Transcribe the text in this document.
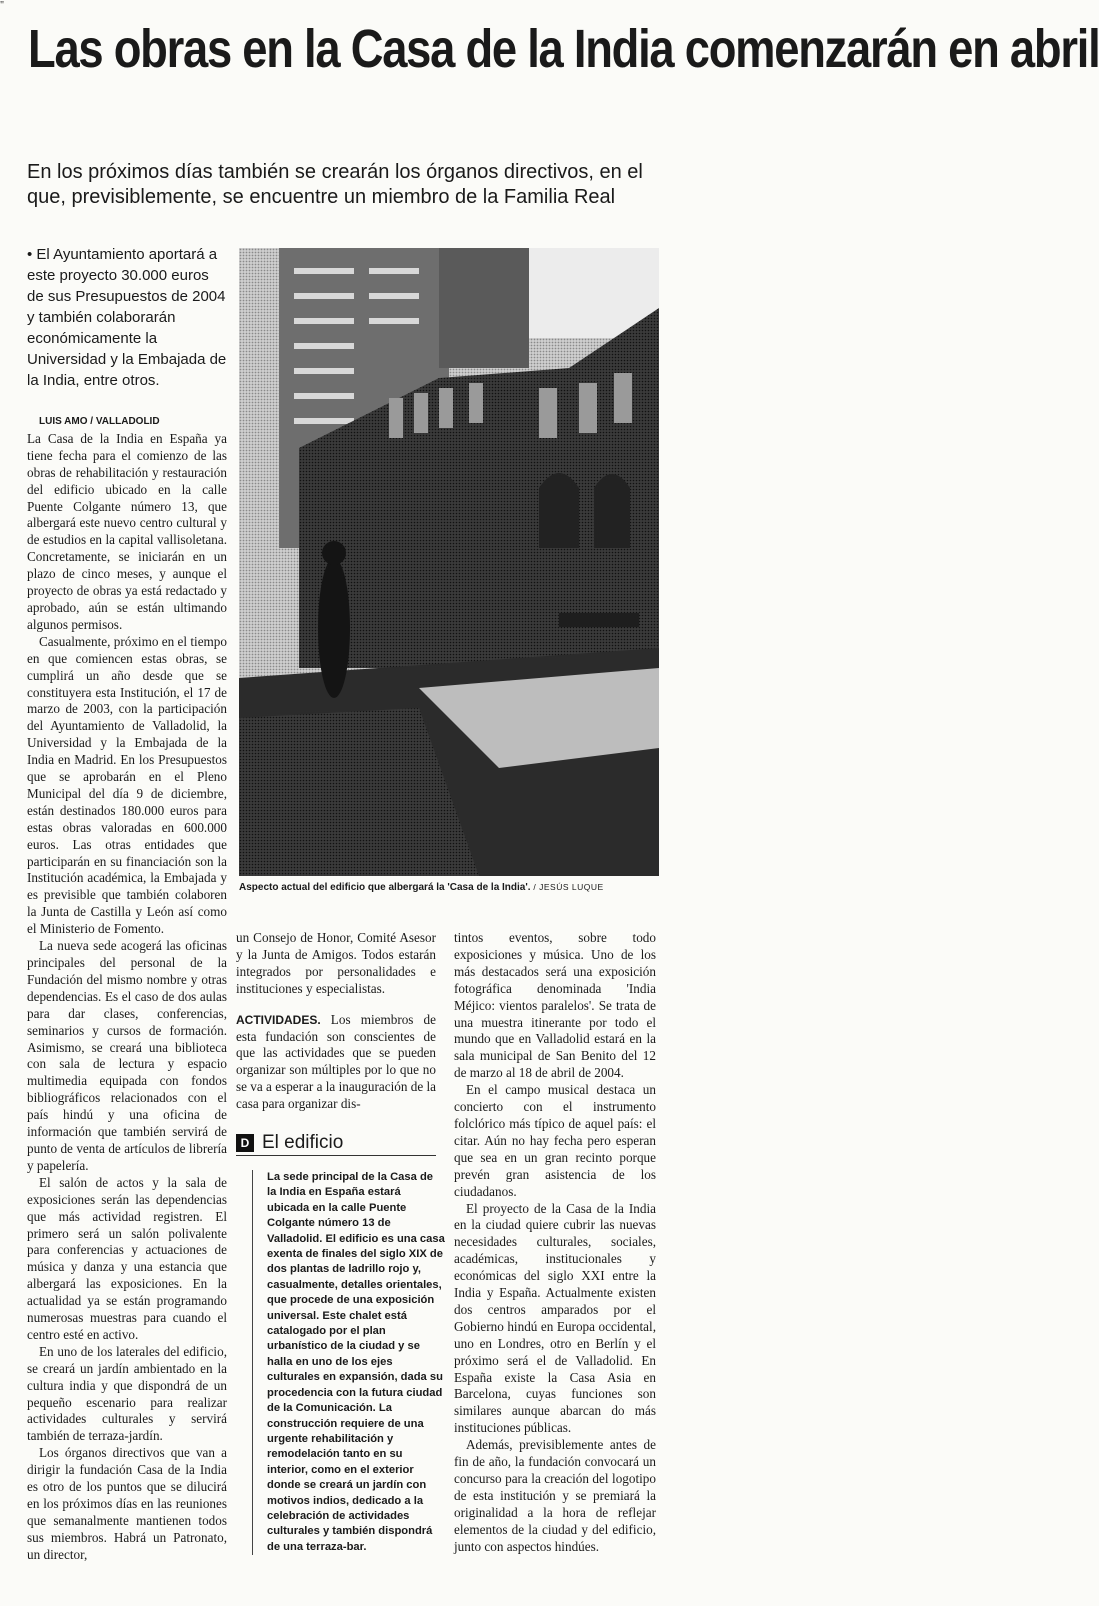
"
Las obras en la Casa de la India comenzarán en abril

En los próximos días también se crearán los órganos directivos, en el que, previsiblemente, se encuentre un miembro de la Familia Real

• El Ayuntamiento aportará a este proyecto 30.000 euros de sus Presupuestos de 2004 y también colaborarán económicamente la Universidad y la Embajada de la India, entre otros.

LUIS AMO / VALLADOLID

La Casa de la India en España ya tiene fecha para el comienzo de las obras de rehabilitación y restauración del edificio ubicado en la calle Puente Colgante número 13, que albergará este nuevo centro cultural y de estudios en la capital vallisoletana. Concretamente, se iniciarán en un plazo de cinco meses, y aunque el proyecto de obras ya está redactado y aprobado, aún se están ultimando algunos permisos.

Casualmente, próximo en el tiempo en que comiencen estas obras, se cumplirá un año desde que se constituyera esta Institución, el 17 de marzo de 2003, con la participación del Ayuntamiento de Valladolid, la Universidad y la Embajada de la India en Madrid. En los Presupuestos que se aprobarán en el Pleno Municipal del día 9 de diciembre, están destinados 180.000 euros para estas obras valoradas en 600.000 euros. Las otras entidades que participarán en su financiación son la Institución académica, la Embajada y es previsible que también colaboren la Junta de Castilla y León así como el Ministerio de Fomento.

La nueva sede acogerá las oficinas principales del personal de la Fundación del mismo nombre y otras dependencias. Es el caso de dos aulas para dar clases, conferencias, seminarios y cursos de formación. Asimismo, se creará una biblioteca con sala de lectura y espacio multimedia equipada con fondos bibliográficos relacionados con el país hindú y una oficina de información que también servirá de punto de venta de artículos de librería y papelería.

El salón de actos y la sala de exposiciones serán las dependencias que más actividad registren. El primero será un salón polivalente para conferencias y actuaciones de música y danza y una estancia que albergará las exposiciones. En la actualidad ya se están programando numerosas muestras para cuando el centro esté en activo.

En uno de los laterales del edificio, se creará un jardín ambientado en la cultura india y que dispondrá de un pequeño escenario para realizar actividades culturales y servirá también de terraza-jardín.

Los órganos directivos que van a dirigir la fundación Casa de la India es otro de los puntos que se dilucirá en los próximos días en las reuniones que semanalmente mantienen todos sus miembros. Habrá un Patronato, un director,

Aspecto actual del edificio que albergará la 'Casa de la India'. / JESÚS LUQUE

un Consejo de Honor, Comité Asesor y la Junta de Amigos. Todos estarán integrados por personalidades e instituciones y especialistas.

ACTIVIDADES. Los miembros de esta fundación son conscientes de que las actividades que se pueden organizar son múltiples por lo que no se va a esperar a la inauguración de la casa para organizar dis-

D El edificio

La sede principal de la Casa de la India en España estará ubicada en la calle Puente Colgante número 13 de Valladolid. El edificio es una casa exenta de finales del siglo XIX de dos plantas de ladrillo rojo y, casualmente, detalles orientales, que procede de una exposición universal. Este chalet está catalogado por el plan urbanístico de la ciudad y se halla en uno de los ejes culturales en expansión, dada su procedencia con la futura ciudad de la Comunicación. La construcción requiere de una urgente rehabilitación y remodelación tanto en su interior, como en el exterior donde se creará un jardín con motivos indios, dedicado a la celebración de actividades culturales y también dispondrá de una terraza-bar.

tintos eventos, sobre todo exposiciones y música. Uno de los más destacados será una exposición fotográfica denominada 'India Méjico: vientos paralelos'. Se trata de una muestra itinerante por todo el mundo que en Valladolid estará en la sala municipal de San Benito del 12 de marzo al 18 de abril de 2004.

En el campo musical destaca un concierto con el instrumento folclórico más típico de aquel país: el citar. Aún no hay fecha pero esperan que sea en un gran recinto porque prevén gran asistencia de los ciudadanos.

El proyecto de la Casa de la India en la ciudad quiere cubrir las nuevas necesidades culturales, sociales, académicas, institucionales y económicas del siglo XXI entre la India y España. Actualmente existen dos centros amparados por el Gobierno hindú en Europa occidental, uno en Londres, otro en Berlín y el próximo será el de Valladolid. En España existe la Casa Asia en Barcelona, cuyas funciones son similares aunque abarcan do más instituciones públicas.

Además, previsiblemente antes de fin de año, la fundación convocará un concurso para la creación del logotipo de esta institución y se premiará la originalidad a la hora de reflejar elementos de la ciudad y del edificio, junto con aspectos hindúes.
